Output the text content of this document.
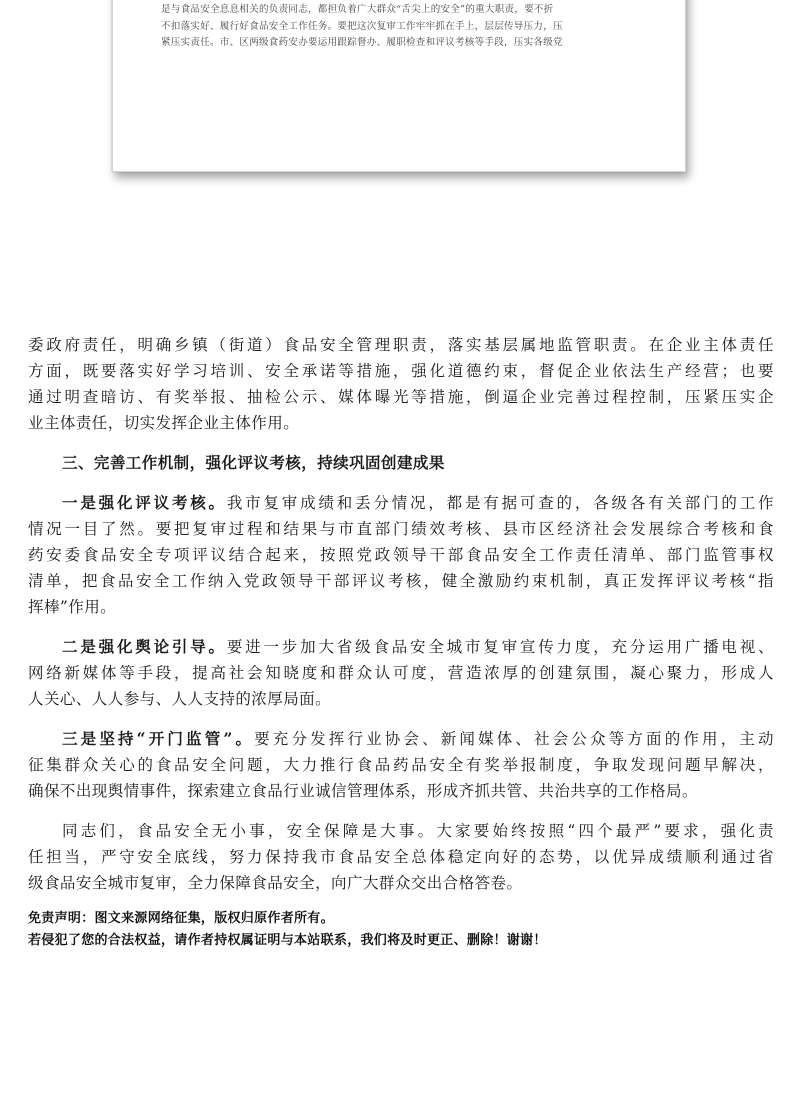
是与食品安全息息相关的负责同志，都担负着广大群众“舌尖上的安全”的重大职责，要不折
不扣落实好、履行好食品安全工作任务。要把这次复审工作牢牢抓在手上，层层传导压力，压
紧压实责任。市、区两级食药安办要运用跟踪督办、履职检查和评议考核等手段，压实各级党
委政府责任，明确乡镇（街道）食品安全管理职责，落实基层属地监管职责。在企业主体责任
方面，既要落实好学习培训、安全承诺等措施，强化道德约束，督促企业依法生产经营；也要
通过明查暗访、有奖举报、抽检公示、媒体曝光等措施，倒逼企业完善过程控制，压紧压实企
业主体责任，切实发挥企业主体作用。
三、完善工作机制，强化评议考核，持续巩固创建成果
一是强化评议考核。我市复审成绩和丢分情况，都是有据可查的，各级各有关部门的工作
情况一目了然。要把复审过程和结果与市直部门绩效考核、县市区经济社会发展综合考核和食
药安委食品安全专项评议结合起来，按照党政领导干部食品安全工作责任清单、部门监管事权
清单，把食品安全工作纳入党政领导干部评议考核，健全激励约束机制，真正发挥评议考核“指
挥棒”作用。
二是强化舆论引导。要进一步加大省级食品安全城市复审宣传力度，充分运用广播电视、
网络新媒体等手段，提高社会知晓度和群众认可度，营造浓厚的创建氛围，凝心聚力，形成人
人关心、人人参与、人人支持的浓厚局面。
三是坚持“开门监管”。要充分发挥行业协会、新闻媒体、社会公众等方面的作用，主动
征集群众关心的食品安全问题，大力推行食品药品安全有奖举报制度，争取发现问题早解决，
确保不出现舆情事件，探索建立食品行业诚信管理体系，形成齐抓共管、共治共享的工作格局。
同志们，食品安全无小事，安全保障是大事。大家要始终按照“四个最严”要求，强化责
任担当，严守安全底线，努力保持我市食品安全总体稳定向好的态势，以优异成绩顺利通过省
级食品安全城市复审，全力保障食品安全，向广大群众交出合格答卷。
免责声明：图文来源网络征集，版权归原作者所有。
若侵犯了您的合法权益，请作者持权属证明与本站联系，我们将及时更正、删除！谢谢！
